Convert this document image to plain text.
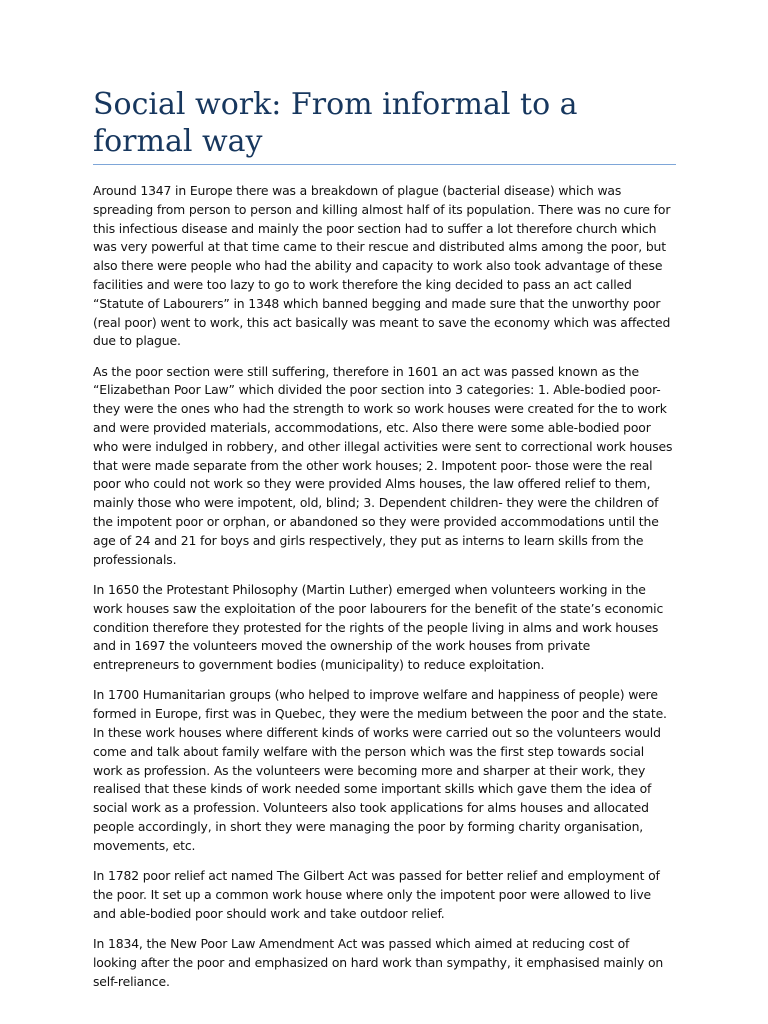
Social work: From informal to a formal way

Around 1347 in Europe there was a breakdown of plague (bacterial disease) which was spreading from person to person and killing almost half of its population. There was no cure for this infectious disease and mainly the poor section had to suffer a lot therefore church which was very powerful at that time came to their rescue and distributed alms among the poor, but also there were people who had the ability and capacity to work also took advantage of these facilities and were too lazy to go to work therefore the king decided to pass an act called “Statute of Labourers” in 1348 which banned begging and made sure that the unworthy poor (real poor) went to work, this act basically was meant to save the economy which was affected due to plague.

As the poor section were still suffering, therefore in 1601 an act was passed known as the “Elizabethan Poor Law” which divided the poor section into 3 categories: 1. Able-bodied poor- they were the ones who had the strength to work so work houses were created for the to work and were provided materials, accommodations, etc. Also there were some able-bodied poor who were indulged in robbery, and other illegal activities were sent to correctional work houses that were made separate from the other work houses; 2. Impotent poor- those were the real poor who could not work so they were provided Alms houses, the law offered relief to them, mainly those who were impotent, old, blind; 3. Dependent children- they were the children of the impotent poor or orphan, or abandoned so they were provided accommodations until the age of 24 and 21 for boys and girls respectively, they put as interns to learn skills from the professionals.

In 1650 the Protestant Philosophy (Martin Luther) emerged when volunteers working in the work houses saw the exploitation of the poor labourers for the benefit of the state’s economic condition therefore they protested for the rights of the people living in alms and work houses and in 1697 the volunteers moved the ownership of the work houses from private entrepreneurs to government bodies (municipality) to reduce exploitation.

In 1700 Humanitarian groups (who helped to improve welfare and happiness of people) were formed in Europe, first was in Quebec, they were the medium between the poor and the state. In these work houses where different kinds of works were carried out so the volunteers would come and talk about family welfare with the person which was the first step towards social work as profession. As the volunteers were becoming more and sharper at their work, they realised that these kinds of work needed some important skills which gave them the idea of social work as a profession. Volunteers also took applications for alms houses and allocated people accordingly, in short they were managing the poor by forming charity organisation, movements, etc.

In 1782 poor relief act named The Gilbert Act was passed for better relief and employment of the poor. It set up a common work house where only the impotent poor were allowed to live and able-bodied poor should work and take outdoor relief.

In 1834, the New Poor Law Amendment Act was passed which aimed at reducing cost of looking after the poor and emphasized on hard work than sympathy, it emphasised mainly on self-reliance.
